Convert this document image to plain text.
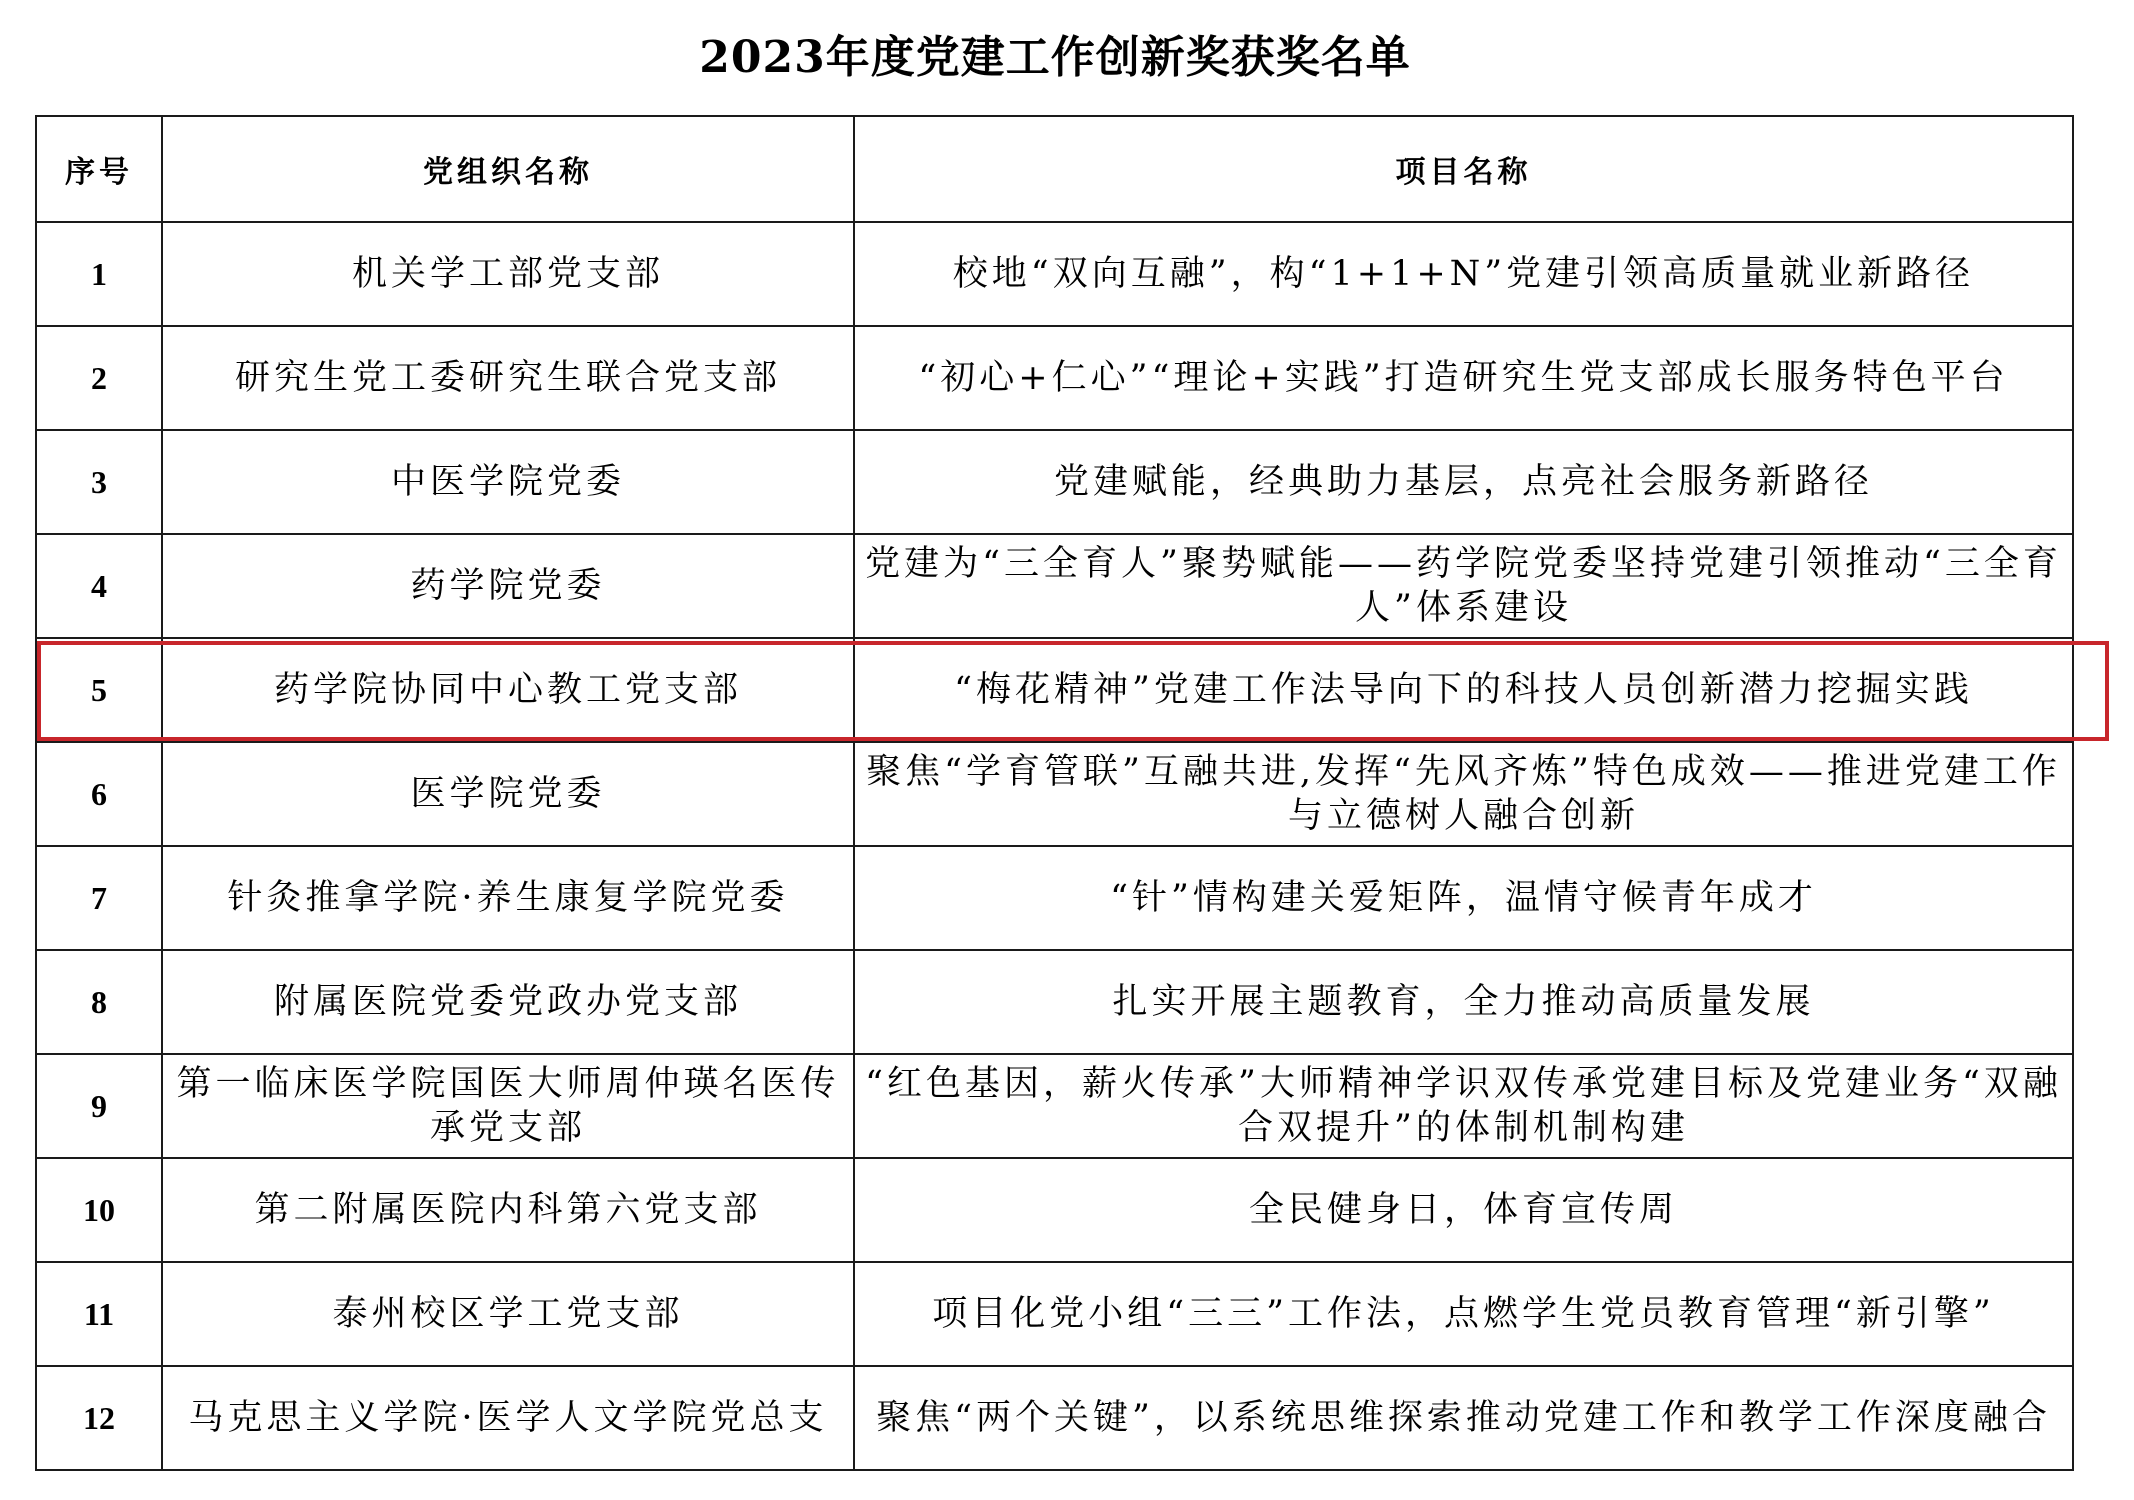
2023年度党建工作创新奖获奖名单
序号	党组织名称	项目名称
1	机关学工部党支部	校地“双向互融”，构“1+1+N”党建引领高质量就业新路径
2	研究生党工委研究生联合党支部	“初心+仁心”“理论+实践”打造研究生党支部成长服务特色平台
3	中医学院党委	党建赋能，经典助力基层，点亮社会服务新路径
4	药学院党委	党建为“三全育人”聚势赋能——药学院党委坚持党建引领推动“三全育人”体系建设
5	药学院协同中心教工党支部	“梅花精神”党建工作法导向下的科技人员创新潜力挖掘实践
6	医学院党委	聚焦“学育管联”互融共进,发挥“先风齐炼”特色成效——推进党建工作与立德树人融合创新
7	针灸推拿学院·养生康复学院党委	“针”情构建关爱矩阵，温情守候青年成才
8	附属医院党委党政办党支部	扎实开展主题教育，全力推动高质量发展
9	第一临床医学院国医大师周仲瑛名医传承党支部	“红色基因，薪火传承”大师精神学识双传承党建目标及党建业务“双融合双提升”的体制机制构建
10	第二附属医院内科第六党支部	全民健身日，体育宣传周
11	泰州校区学工党支部	项目化党小组“三三”工作法，点燃学生党员教育管理“新引擎”
12	马克思主义学院·医学人文学院党总支	聚焦“两个关键”，以系统思维探索推动党建工作和教学工作深度融合
